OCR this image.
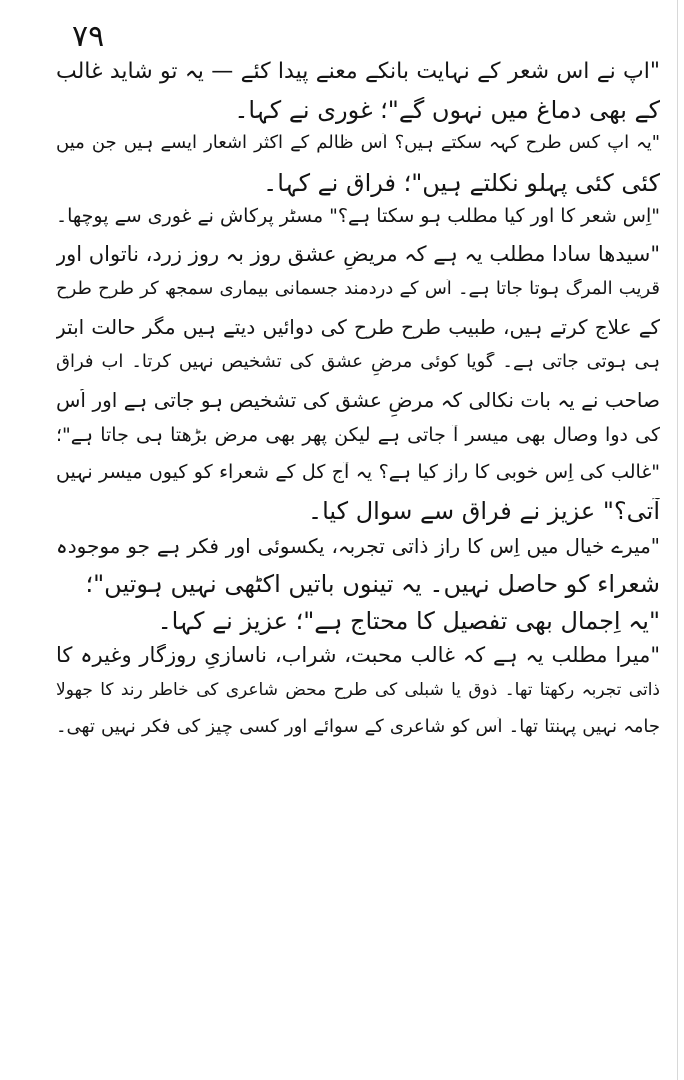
۷۹
"آپ نے اس شعر کے نہایت بانکے معنے پیدا کئے — یہ تو شاید غالب
کے بھی دماغ میں نہوں گے"؛ غوری نے کہا۔
"یہ آپ کس طرح کہہ سکتے ہیں؟ اُس ظالم کے اکثر اشعار ایسے ہیں جن میں
کئی کئی پہلو نکلتے ہیں"؛ فراق نے کہا۔
"اِس شعر کا اور کیا مطلب ہو سکتا ہے؟" مسٹر پرکاش نے غوری سے پوچھا۔
"سیدھا سادا مطلب یہ ہے کہ مریضِ عشق روز بہ روز زرد، ناتواں اور
قریب المرگ ہوتا جاتا ہے۔ اُس کے دردمند جسمانی بیماری سمجھ کر طرح طرح
کے علاج کرتے ہیں، طبیب طرح طرح کی دوائیں دیتے ہیں مگر حالت ابتر
ہی ہوتی جاتی ہے۔ گویا کوئی مرضِ عشق کی تشخیص نہیں کرتا۔ اب فراق
صاحب نے یہ بات نکالی کہ مرضِ عشق کی تشخیص ہو جاتی ہے اور اُس
کی دوا وصال بھی میسر آ جاتی ہے لیکن پھر بھی مرض بڑھتا ہی جاتا ہے"؛
"غالب کی اِس خوبی کا راز کیا ہے؟ یہ آج کل کے شعراء کو کیوں میسر نہیں
آتی؟" عزیز نے فراق سے سوال کیا۔
"میرے خیال میں اِس کا راز ذاتی تجربہ، یکسوئی اور فکر ہے جو موجودہ
شعراء کو حاصل نہیں۔ یہ تینوں باتیں اکٹھی نہیں ہوتیں"؛
"یہ اِجمال بھی تفصیل کا محتاج ہے"؛ عزیز نے کہا۔
"میرا مطلب یہ ہے کہ غالب محبت، شراب، ناسازیِ روزگار وغیرہ کا
ذاتی تجربہ رکھتا تھا۔ ذوق یا شبلی کی طرح محض شاعری کی خاطر رند کا جھولا
جامہ نہیں پہنتا تھا۔ اُس کو شاعری کے سوائے اور کسی چیز کی فکر نہیں تھی۔
